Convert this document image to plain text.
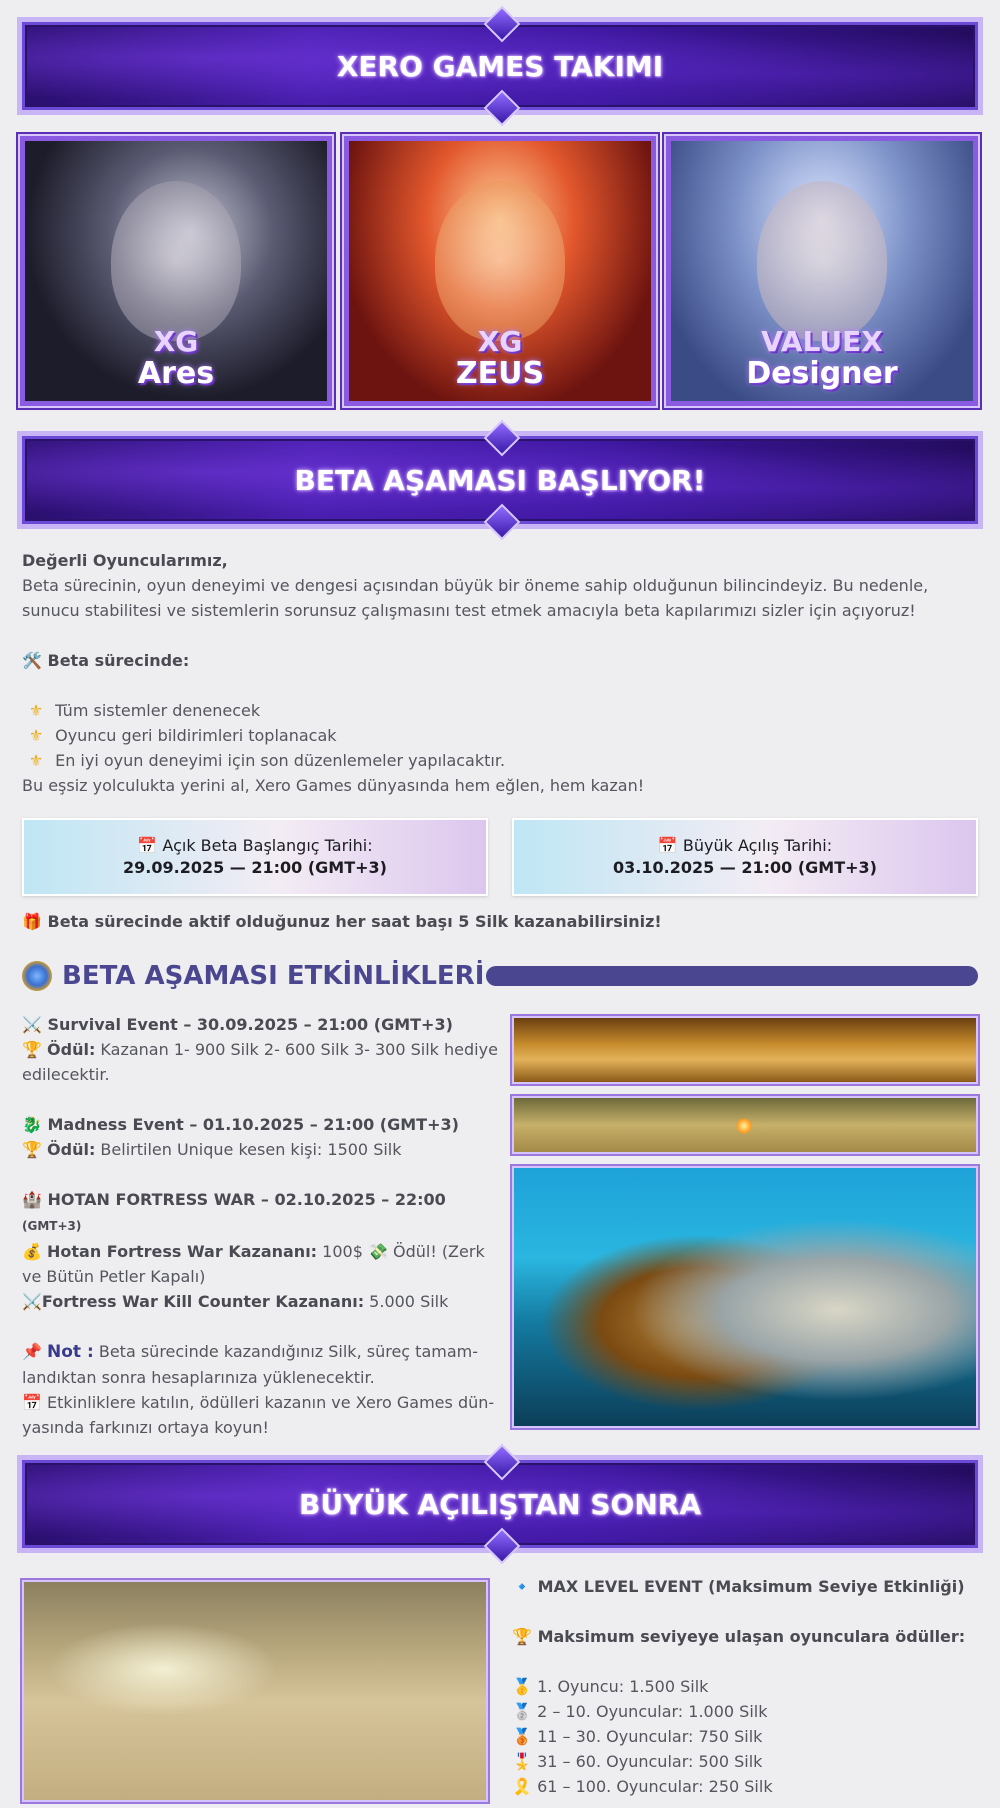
XERO GAMES TAKIMI
XG
Ares
XG
ZEUS
VALUEX
Designer
BETA AŞAMASI BAŞLIYOR!
Değerli Oyuncularımız,
Beta sürecinin, oyun deneyimi ve dengesi açısından büyük bir öneme sahip olduğunun bilincindeyiz. Bu nedenle, sunucu stabilitesi ve sistemlerin sorunsuz çalışmasını test etmek amacıyla beta kapılarımızı sizler için açıyoruz!
🛠️ Beta sürecinde:
⚜ Tüm sistemler denenecek
⚜ Oyuncu geri bildirimleri toplanacak
⚜ En iyi oyun deneyimi için son düzenlemeler yapılacaktır.
Bu eşsiz yolculukta yerini al, Xero Games dünyasında hem eğlen, hem kazan!
📅 Açık Beta Başlangıç Tarihi:
29.09.2025 — 21:00 (GMT+3)
📅 Büyük Açılış Tarihi:
03.10.2025 — 21:00 (GMT+3)
🎁 Beta sürecinde aktif olduğunuz her saat başı 5 Silk kazanabilirsiniz!
BETA AŞAMASI ETKİNLİKLERİ
⚔️ Survival Event – 30.09.2025 – 21:00 (GMT+3)
🏆 Ödül: Kazanan 1- 900 Silk 2- 600 Silk 3- 300 Silk hediye edilecektir.
🐉 Madness Event – 01.10.2025 – 21:00 (GMT+3)
🏆 Ödül: Belirtilen Unique kesen kişi: 1500 Silk
🏰 HOTAN FORTRESS WAR – 02.10.2025 – 22:00 (GMT+3)
💰 Hotan Fortress War Kazananı: 100$ 💸 Ödül! (Zerk ve Bütün Petler Kapalı)
⚔️Fortress War Kill Counter Kazananı: 5.000 Silk
📌 Not : Beta sürecinde kazandığınız Silk, süreç tamamlandıktan sonra hesaplarınıza yüklenecektir.
📅 Etkinliklere katılın, ödülleri kazanın ve Xero Games dünyasında farkınızı ortaya koyun!
BÜYÜK AÇILIŞTAN SONRA
🔹 MAX LEVEL EVENT (Maksimum Seviye Etkinliği)
🏆 Maksimum seviyeye ulaşan oyunculara ödüller:
🥇 1. Oyuncu: 1.500 Silk
🥈 2 – 10. Oyuncular: 1.000 Silk
🥉 11 – 30. Oyuncular: 750 Silk
🎖️ 31 – 60. Oyuncular: 500 Silk
🎗️ 61 – 100. Oyuncular: 250 Silk
